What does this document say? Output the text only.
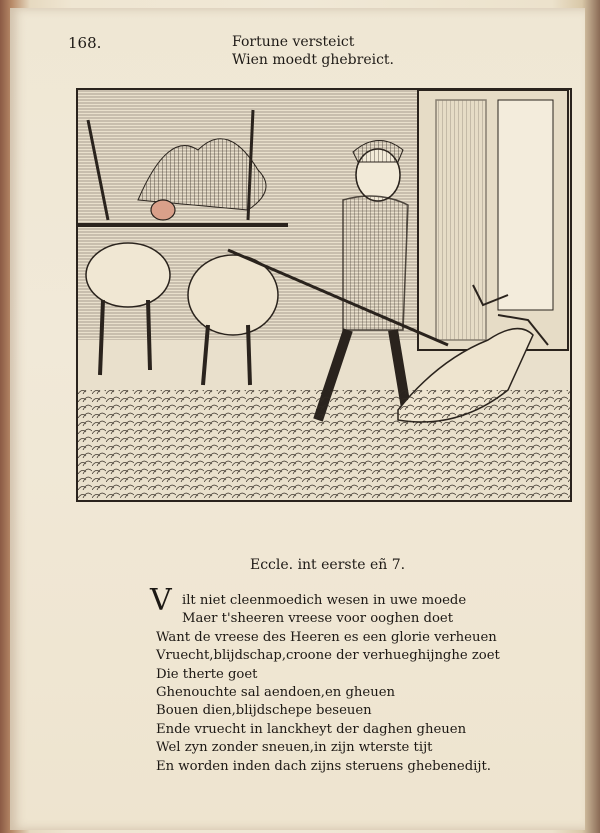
168.	Fortune versteict
Wien moedt ghebreict.
Eccle. int eerste eñ 7.
V ilt niet cleenmoedich wesen in uwe moede
Maer t'sheeren vreese voor ooghen doet
Want de vreese des Heeren es een glorie verheuen
Vruecht,blijdschap,croone der verhueghijnghe zoet
Die therte goet
Ghenouchte sal aendoen,en gheuen
Bouen dien,blijdschepe beseuen
Ende vruecht in lanckheyt der daghen gheuen
Wel zyn zonder sneuen,in zijn wterste tijt
En worden inden dach zijns steruens ghebenedijt.
